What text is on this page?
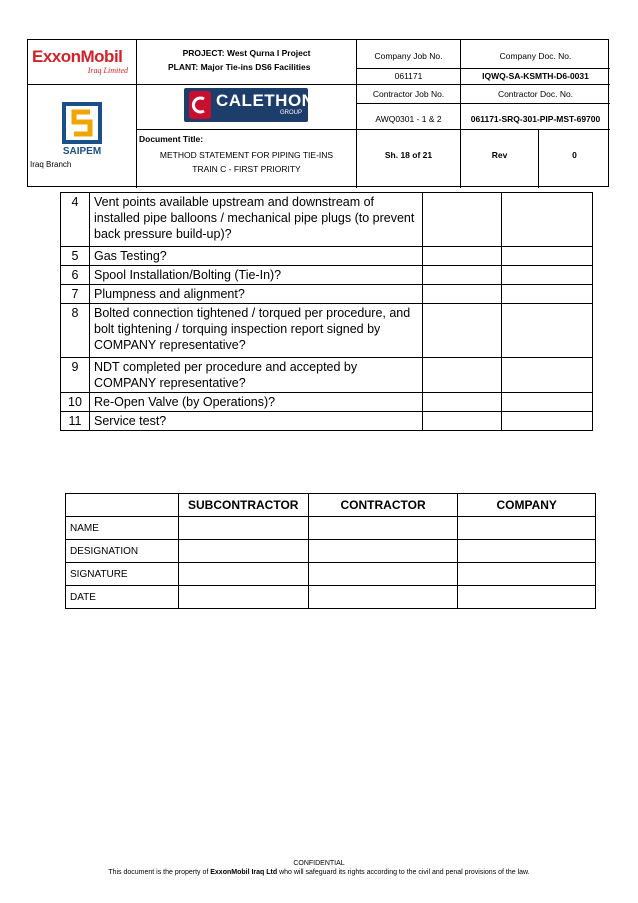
ExxonMobil
Iraq Limited
PROJECT: West Qurna I Project
PLANT: Major Tie-ins DS6 Facilities
Company Job No.	Company Doc. No.
061171	IQWQ-SA-KSMTH-D6-0031
CALETHON
GROUP
Contractor Job No.	Contractor Doc. No.
AWQ0301 - 1 & 2	061171-SRQ-301-PIP-MST-69700
SAIPEM
Iraq Branch
Document Title:
METHOD STATEMENT FOR PIPING TIE-INS
TRAIN C - FIRST PRIORITY
Sh. 18 of 21	Rev	0
4	Vent points available upstream and downstream of installed pipe balloons / mechanical pipe plugs (to prevent back pressure build-up)?		
5	Gas Testing?		
6	Spool Installation/Bolting (Tie-In)?		
7	Plumpness and alignment?		
8	Bolted connection tightened / torqued per procedure, and bolt tightening / torquing inspection report signed by COMPANY representative?		
9	NDT completed per procedure and accepted by COMPANY representative?		
10	Re-Open Valve (by Operations)?		
11	Service test?		
	SUBCONTRACTOR	CONTRACTOR	COMPANY
NAME			
DESIGNATION			
SIGNATURE			
DATE			
CONFIDENTIAL
This document is the property of ExxonMobil Iraq Ltd who will safeguard its rights according to the civil and penal provisions of the law.
